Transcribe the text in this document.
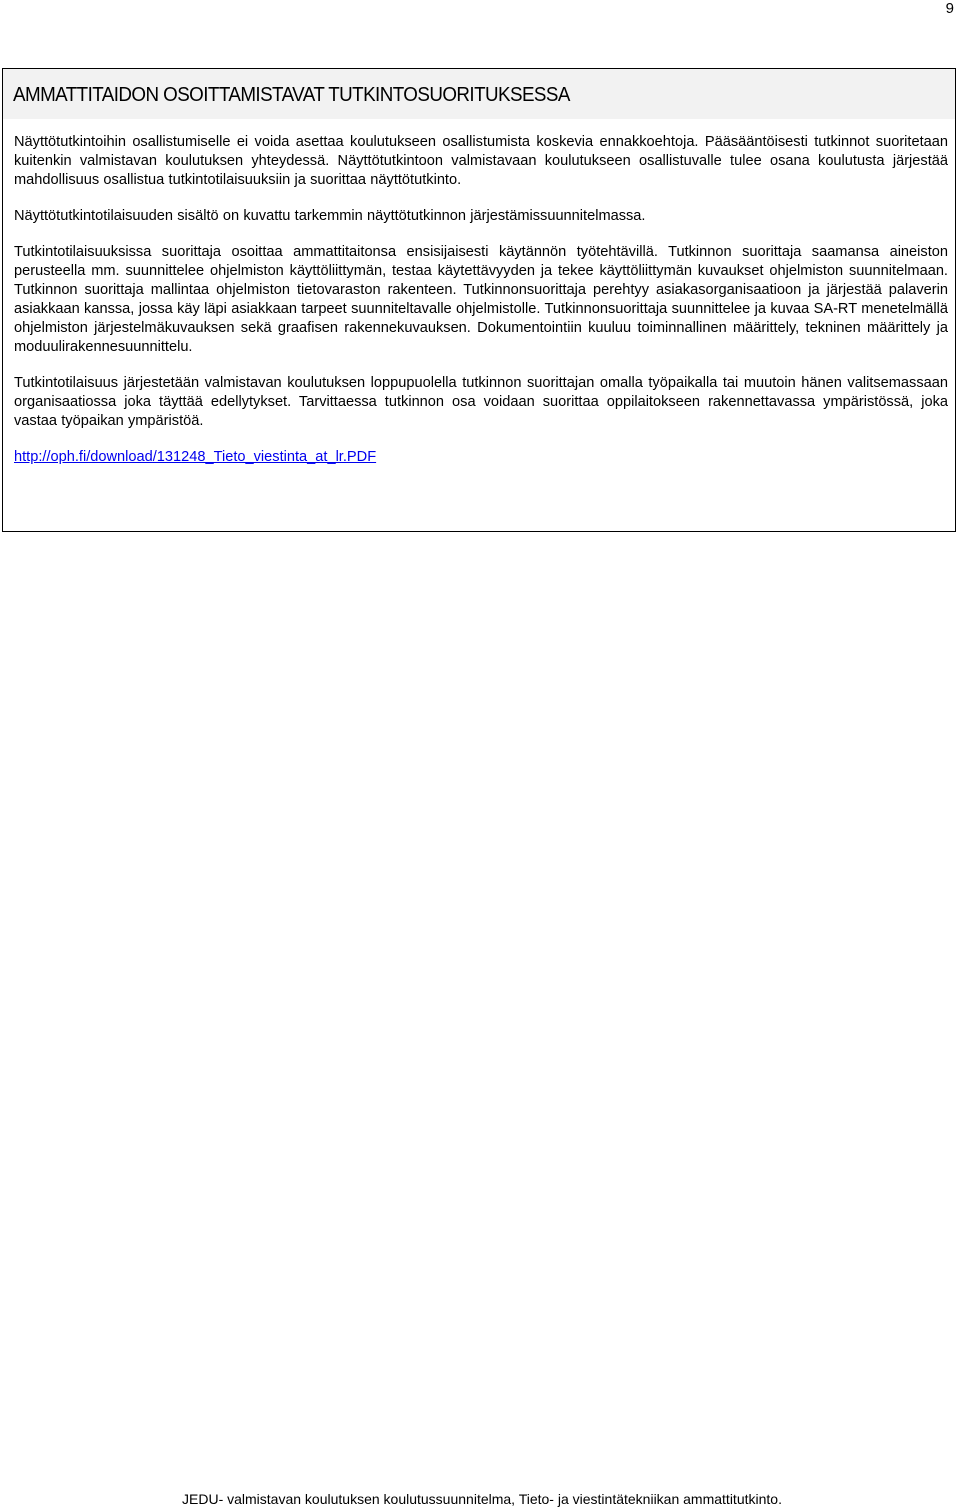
9
AMMATTITAIDON OSOITTAMISTAVAT TUTKINTOSUORITUKSESSA

Näyttötutkintoihin osallistumiselle ei voida asettaa koulutukseen osallistumista koskevia ennakkoehtoja. Pääsääntöisesti tutkinnot suoritetaan kuitenkin valmistavan koulutuksen yhteydessä. Näyttötutkintoon valmistavaan koulutukseen osallistuvalle tulee osana koulutusta järjestää mahdollisuus osallistua tutkintotilaisuuksiin ja suorittaa näyttötutkinto.

Näyttötutkintotilaisuuden sisältö on kuvattu tarkemmin näyttötutkinnon järjestämissuunnitelmassa.

Tutkintotilaisuuksissa suorittaja osoittaa ammattitaitonsa ensisijaisesti käytännön työtehtävillä. Tutkinnon suorittaja saamansa aineiston perusteella mm. suunnittelee ohjelmiston käyttöliittymän, testaa käytettävyyden ja tekee käyttöliittymän kuvaukset ohjelmiston suunnitelmaan. Tutkinnon suorittaja mallintaa ohjelmiston tietovaraston rakenteen. Tutkinnonsuorittaja perehtyy asiakasorganisaatioon ja järjestää palaverin asiakkaan kanssa, jossa käy läpi asiakkaan tarpeet suunniteltavalle ohjelmistolle. Tutkinnonsuorittaja suunnittelee ja kuvaa SA-RT menetelmällä ohjelmiston järjestelmäkuvauksen sekä graafisen rakennekuvauksen. Dokumentointiin kuuluu toiminnallinen määrittely, tekninen määrittely ja moduulirakennesuunnittelu.

Tutkintotilaisuus järjestetään valmistavan koulutuksen loppupuolella tutkinnon suorittajan omalla työpaikalla tai muutoin hänen valitsemassaan organisaatiossa joka täyttää edellytykset. Tarvittaessa tutkinnon osa voidaan suorittaa oppilaitokseen rakennettavassa ympäristössä, joka vastaa työpaikan ympäristöä.

http://oph.fi/download/131248_Tieto_viestinta_at_lr.PDF

JEDU- valmistavan koulutuksen koulutussuunnitelma, Tieto- ja viestintätekniikan ammattitutkinto.
